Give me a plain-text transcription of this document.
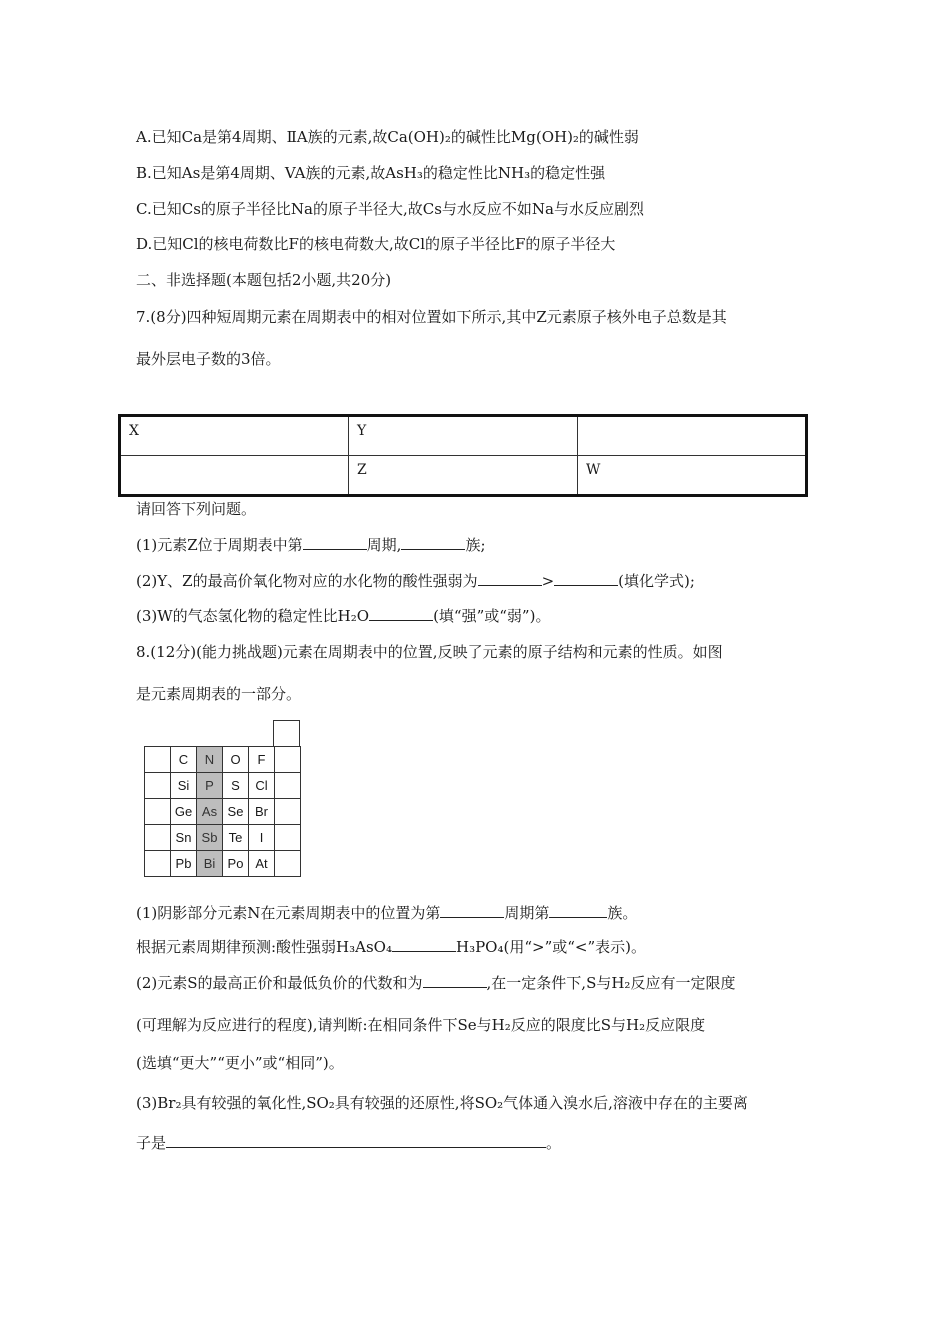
A.已知Ca是第4周期、ⅡA族的元素,故Ca(OH)₂的碱性比Mg(OH)₂的碱性弱
B.已知As是第4周期、VA族的元素,故AsH₃的稳定性比NH₃的稳定性强
C.已知Cs的原子半径比Na的原子半径大,故Cs与水反应不如Na与水反应剧烈
D.已知Cl的核电荷数比F的核电荷数大,故Cl的原子半径比F的原子半径大
二、非选择题(本题包括2小题,共20分)
7.(8分)四种短周期元素在周期表中的相对位置如下所示,其中Z元素原子核外电子总数是其
最外层电子数的3倍。
X	Y	
	Z	W
请回答下列问题。
(1)元素Z位于周期表中第	周期,	族;
(2)Y、Z的最高价氧化物对应的水化物的酸性强弱为	>	(填化学式);
(3)W的气态氢化物的稳定性比H₂O	(填“强”或“弱”)。
8.(12分)(能力挑战题)元素在周期表中的位置,反映了元素的原子结构和元素的性质。如图
是元素周期表的一部分。
	C	N	O	F	
	Si	P	S	Cl	
	Ge	As	Se	Br	
	Sn	Sb	Te	I	
	Pb	Bi	Po	At	
(1)阴影部分元素N在元素周期表中的位置为第	周期第	族。
根据元素周期律预测:酸性强弱H₃AsO₄	H₃PO₄(用“>”或“<”表示)。
(2)元素S的最高正价和最低负价的代数和为	,在一定条件下,S与H₂反应有一定限度
(可理解为反应进行的程度),请判断:在相同条件下Se与H₂反应的限度比S与H₂反应限度
(选填“更大”“更小”或“相同”)。
(3)Br₂具有较强的氧化性,SO₂具有较强的还原性,将SO₂气体通入溴水后,溶液中存在的主要离
子是	。
